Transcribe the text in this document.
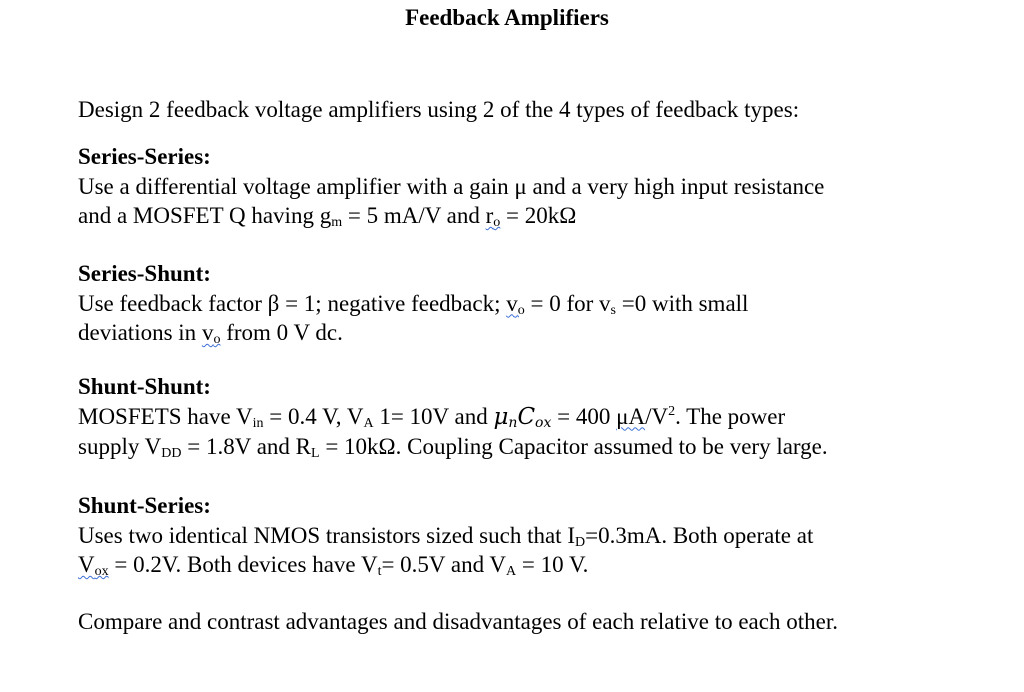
Feedback Amplifiers
Design 2 feedback voltage amplifiers using 2 of the 4 types of feedback types:
Series-Series:
Use a differential voltage amplifier with a gain μ and a very high input resistance
and a MOSFET Q having $g_m = 5$ mA/V and $r_o = 20k\Omega$
Series-Shunt:
Use feedback factor β = 1; negative feedback; $v_o = 0$ for $v_s =0$ with small
deviations in $v_o$ from 0 V dc.
Shunt-Shunt:
MOSFETS have $V_{in} = 0.4$ V, $V_A$ 1= 10V and $\mu_nC_{ox} = 400$ $\mu A/V^2$. The power
supply $V_{DD} = 1.8V$ and $R_L = 10k\Omega$. Coupling Capacitor assumed to be very large.
Shunt-Series:
Uses two identical NMOS transistors sized such that $I_D=0.3mA$. Both operate at
$V_{ox} = 0.2V$. Both devices have $V_t= 0.5V$ and $V_A = 10$ V.
Compare and contrast advantages and disadvantages of each relative to each other.
